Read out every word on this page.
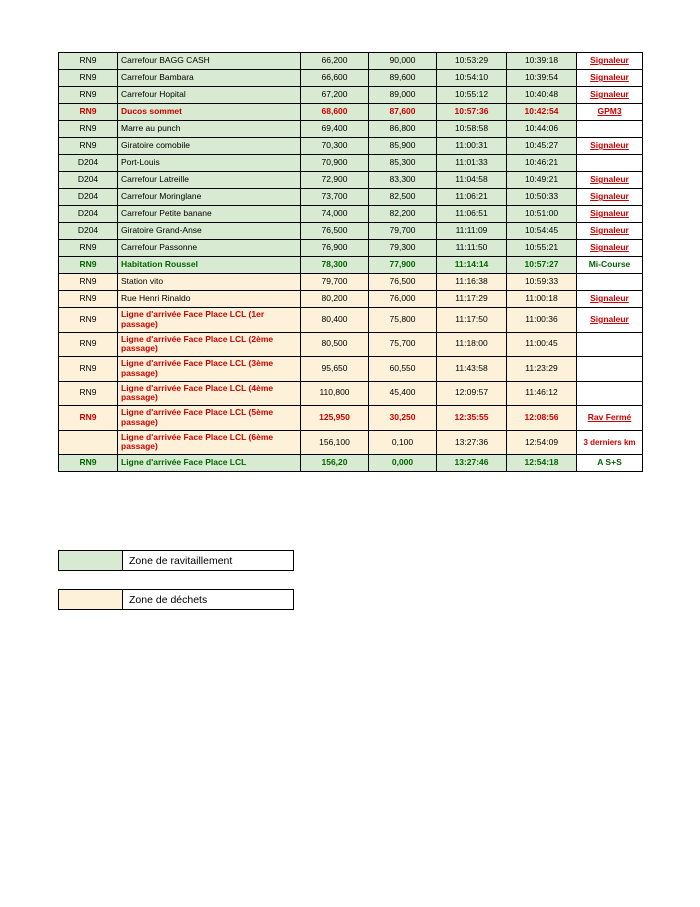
RN9	Carrefour BAGG CASH	66,200	90,000	10:53:29	10:39:18	Signaleur
RN9	Carrefour Bambara	66,600	89,600	10:54:10	10:39:54	Signaleur
RN9	Carrefour Hopital	67,200	89,000	10:55:12	10:40:48	Signaleur
RN9	Ducos sommet	68,600	87,600	10:57:36	10:42:54	GPM3
RN9	Marre au punch	69,400	86,800	10:58:58	10:44:06	
RN9	Giratoire comobile	70,300	85,900	11:00:31	10:45:27	Signaleur
D204	Port-Louis	70,900	85,300	11:01:33	10:46:21	
D204	Carrefour Latreille	72,900	83,300	11:04:58	10:49:21	Signaleur
D204	Carrefour Moringlane	73,700	82,500	11:06:21	10:50:33	Signaleur
D204	Carrefour Petite banane	74,000	82,200	11:06:51	10:51:00	Signaleur
D204	Giratoire Grand-Anse	76,500	79,700	11:11:09	10:54:45	Signaleur
RN9	Carrefour Passonne	76,900	79,300	11:11:50	10:55:21	Signaleur
RN9	Habitation Roussel	78,300	77,900	11:14:14	10:57:27	Mi-Course
RN9	Station vito	79,700	76,500	11:16:38	10:59:33	
RN9	Rue Henri Rinaldo	80,200	76,000	11:17:29	11:00:18	Signaleur
RN9	Ligne d'arrivée Face Place LCL (1er passage)	80,400	75,800	11:17:50	11:00:36	Signaleur
RN9	Ligne d'arrivée Face Place LCL (2ème passage)	80,500	75,700	11:18:00	11:00:45	
RN9	Ligne d'arrivée Face Place LCL (3ème passage)	95,650	60,550	11:43:58	11:23:29	
RN9	Ligne d'arrivée Face Place LCL (4ème passage)	110,800	45,400	12:09:57	11:46:12	
RN9	Ligne d'arrivée Face Place LCL (5ème passage)	125,950	30,250	12:35:55	12:08:56	Rav Fermé
	Ligne d'arrivée Face Place LCL (6ème passage)	156,100	0,100	13:27:36	12:54:09	3 derniers km
RN9	Ligne d'arrivée Face Place LCL	156,20	0,000	13:27:46	12:54:18	A S+S
Zone de ravitaillement
Zone de déchets
